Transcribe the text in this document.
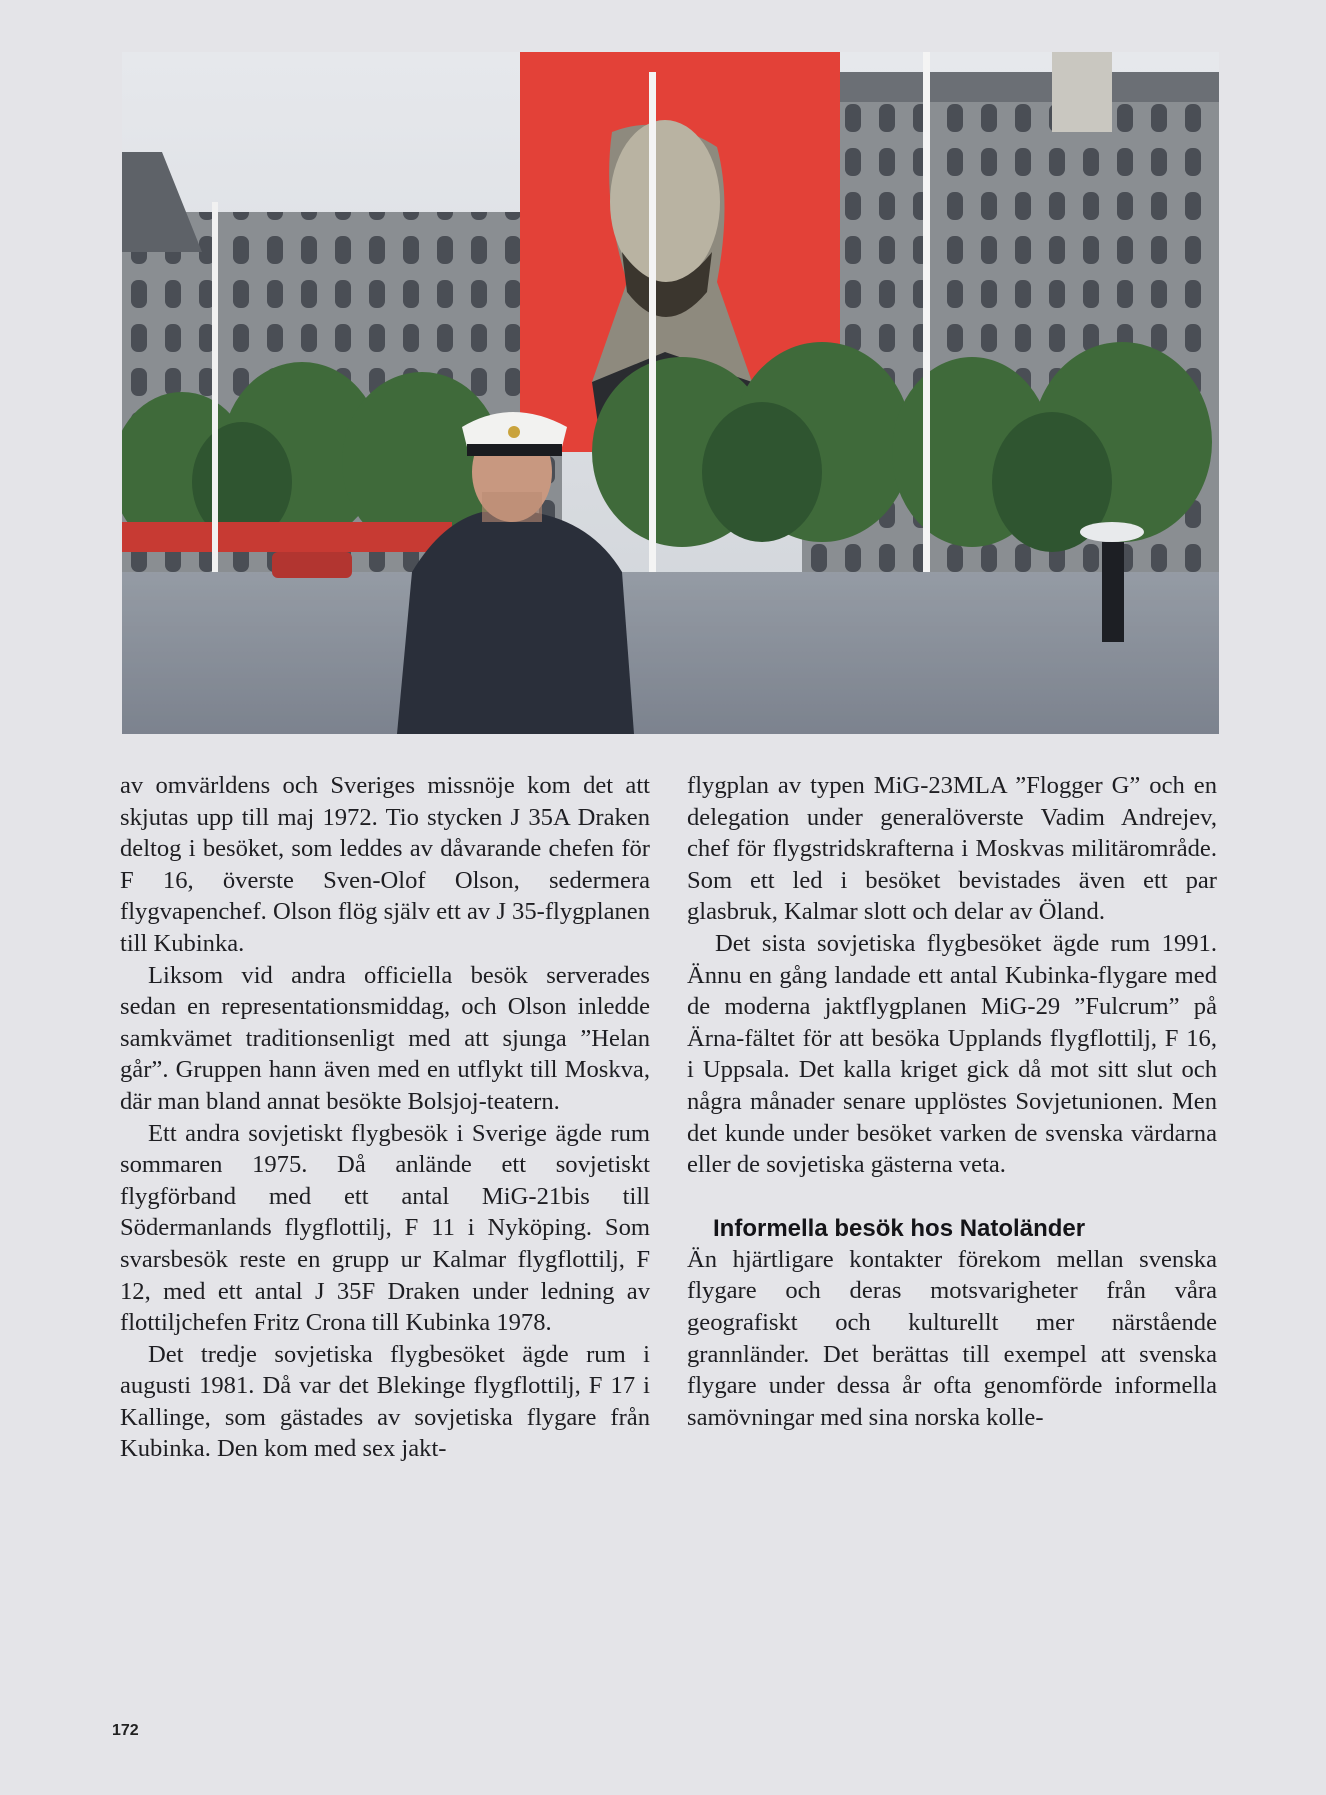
av omvärldens och Sveriges missnöje kom det att skjutas upp till maj 1972. Tio stycken J 35A Draken deltog i besöket, som leddes av dåvarande chefen för F 16, överste Sven-Olof Olson, sedermera flygvapenchef. Olson flög själv ett av J 35-flygplanen till Kubinka.

Liksom vid andra officiella besök serverades sedan en representationsmiddag, och Olson inledde samkvämet traditionsenligt med att sjunga ”Helan går”. Gruppen hann även med en utflykt till Moskva, där man bland annat besökte Bolsjoj-teatern.

Ett andra sovjetiskt flygbesök i Sverige ägde rum sommaren 1975. Då anlände ett sovjetiskt flygförband med ett antal MiG-21bis till Södermanlands flygflottilj, F 11 i Nyköping. Som svarsbesök reste en grupp ur Kalmar flygflottilj, F 12, med ett antal J 35F Draken under ledning av flottiljchefen Fritz Crona till Kubinka 1978.

Det tredje sovjetiska flygbesöket ägde rum i augusti 1981. Då var det Blekinge flygflottilj, F 17 i Kallinge, som gästades av sovjetiska flygare från Kubinka. Den kom med sex jakt-

flygplan av typen MiG-23MLA ”Flogger G” och en delegation under generalöverste Vadim Andrejev, chef för flygstridskrafterna i Moskvas militärområde. Som ett led i besöket bevistades även ett par glasbruk, Kalmar slott och delar av Öland.

Det sista sovjetiska flygbesöket ägde rum 1991. Ännu en gång landade ett antal Kubinka-flygare med de moderna jaktflygplanen MiG-29 ”Fulcrum” på Ärna-fältet för att besöka Upplands flygflottilj, F 16, i Uppsala. Det kalla kriget gick då mot sitt slut och några månader senare upplöstes Sovjetunionen. Men det kunde under besöket varken de svenska värdarna eller de sovjetiska gästerna veta.

Informella besök hos Natoländer

Än hjärtligare kontakter förekom mellan svenska flygare och deras motsvarigheter från våra geografiskt och kulturellt mer närstående grannländer. Det berättas till exempel att svenska flygare under dessa år ofta genomförde informella samövningar med sina norska kolle-

172
